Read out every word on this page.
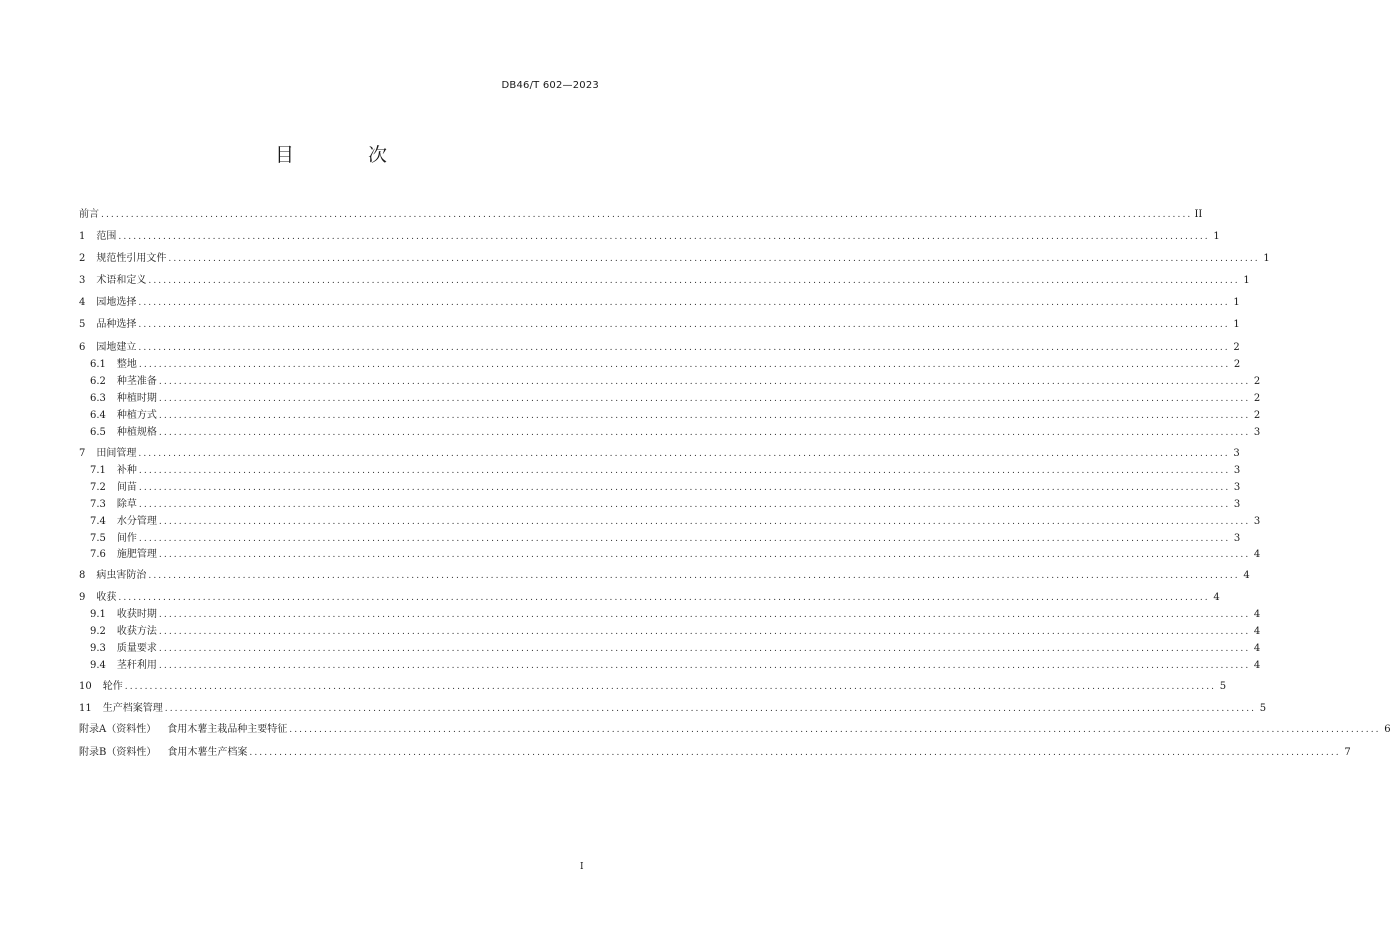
DB46/T 602—2023
目 次
前言 ............................................................................................................................................................................................................................ II
1 范围 ............................................................................................................................................................................................................................ 1
2 规范性引用文件 ............................................................................................................................................................................................................................ 1
3 术语和定义 ............................................................................................................................................................................................................................ 1
4 园地选择 ............................................................................................................................................................................................................................ 1
5 品种选择 ............................................................................................................................................................................................................................ 1
6 园地建立 ............................................................................................................................................................................................................................ 2
6.1 整地 ............................................................................................................................................................................................................................ 2
6.2 种茎准备 ............................................................................................................................................................................................................................ 2
6.3 种植时期 ............................................................................................................................................................................................................................ 2
6.4 种植方式 ............................................................................................................................................................................................................................ 2
6.5 种植规格 ............................................................................................................................................................................................................................ 3
7 田间管理 ............................................................................................................................................................................................................................ 3
7.1 补种 ............................................................................................................................................................................................................................ 3
7.2 间苗 ............................................................................................................................................................................................................................ 3
7.3 除草 ............................................................................................................................................................................................................................ 3
7.4 水分管理 ............................................................................................................................................................................................................................ 3
7.5 间作 ............................................................................................................................................................................................................................ 3
7.6 施肥管理 ............................................................................................................................................................................................................................ 4
8 病虫害防治 ............................................................................................................................................................................................................................ 4
9 收获 ............................................................................................................................................................................................................................ 4
9.1 收获时期 ............................................................................................................................................................................................................................ 4
9.2 收获方法 ............................................................................................................................................................................................................................ 4
9.3 质量要求 ............................................................................................................................................................................................................................ 4
9.4 茎秆利用 ............................................................................................................................................................................................................................ 4
10 轮作 ............................................................................................................................................................................................................................ 5
11 生产档案管理 ............................................................................................................................................................................................................................ 5
附录A（资料性） 食用木薯主栽品种主要特征 ............................................................................................................................................................................................................................ 6
附录B（资料性） 食用木薯生产档案 ............................................................................................................................................................................................................................ 7
I
